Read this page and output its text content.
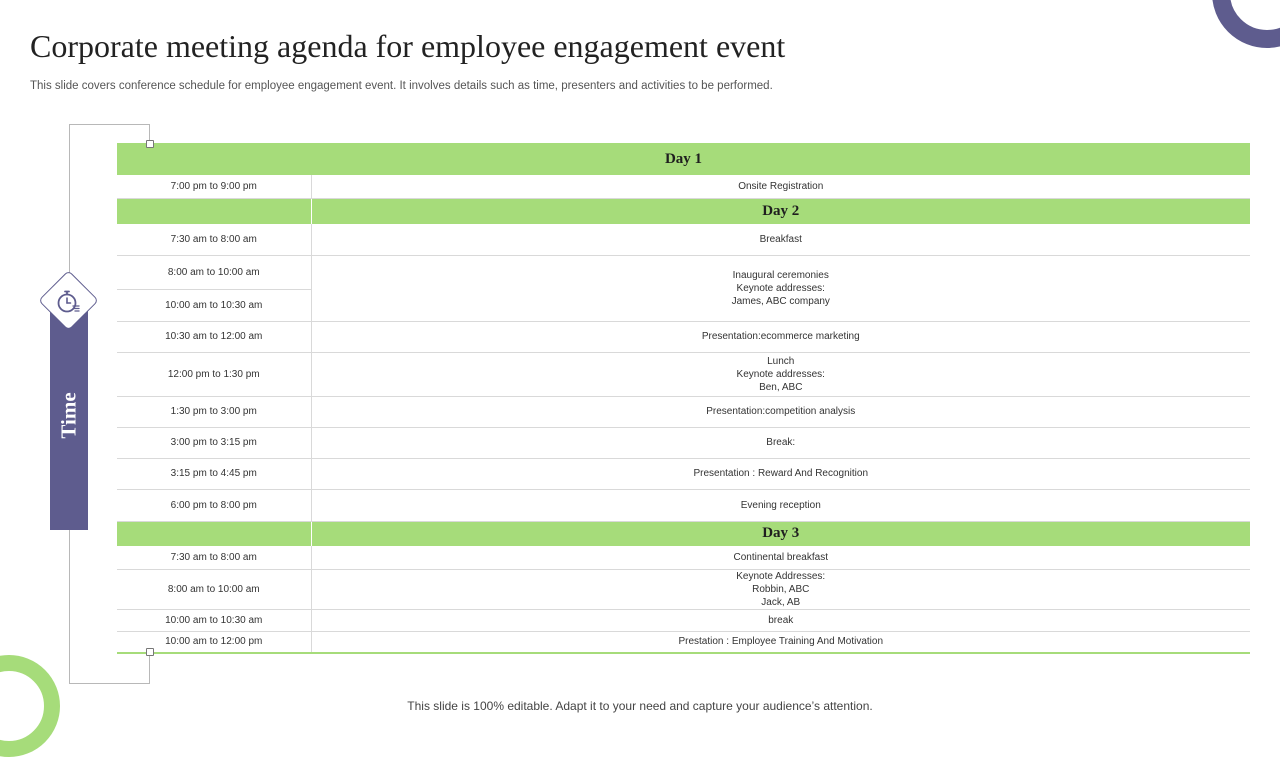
Corporate meeting agenda for employee engagement event
This slide covers conference schedule for employee engagement event. It involves details such as time, presenters and activities to be performed.
Time
Day 1	
7:00 pm to 9:00 pm	Onsite Registration
	Day 2
7:30 am to 8:00 am	Breakfast
8:00 am to 10:00 am	Inaugural ceremonies
Keynote addresses:
James, ABC company

10:00 am to 10:30 am	
10:30 am to 12:00 am	Presentation:ecommerce marketing
12:00 pm to 1:30 pm	Lunch
Keynote addresses:
Ben, ABC

1:30 pm to 3:00 pm	Presentation:competition analysis
3:00 pm to 3:15 pm	Break:
3:15 pm to 4:45 pm	Presentation : Reward And Recognition
6:00 pm to 8:00 pm	Evening reception
	Day 3
7:30 am to 8:00 am	Continental breakfast
8:00 am to 10:00 am	Keynote Addresses:
Robbin, ABC
Jack, AB

10:00 am to 10:30 am	break
10:00 am to 12:00 pm	Prestation : Employee Training And Motivation
This slide is 100% editable. Adapt it to your need and capture your audience’s attention.
